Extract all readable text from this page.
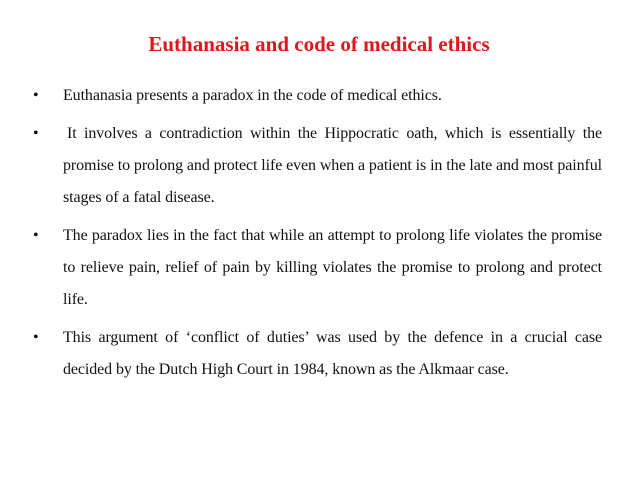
Euthanasia and code of medical ethics
• Euthanasia presents a paradox in the code of medical ethics.
• It involves a contradiction within the Hippocratic oath, which is essentially the promise to prolong and protect life even when a patient is in the late and most painful stages of a fatal disease.
• The paradox lies in the fact that while an attempt to prolong life violates the promise to relieve pain, relief of pain by killing violates the promise to prolong and protect life.
• This argument of ‘conflict of duties’ was used by the defence in a crucial case decided by the Dutch High Court in 1984, known as the Alkmaar case.
